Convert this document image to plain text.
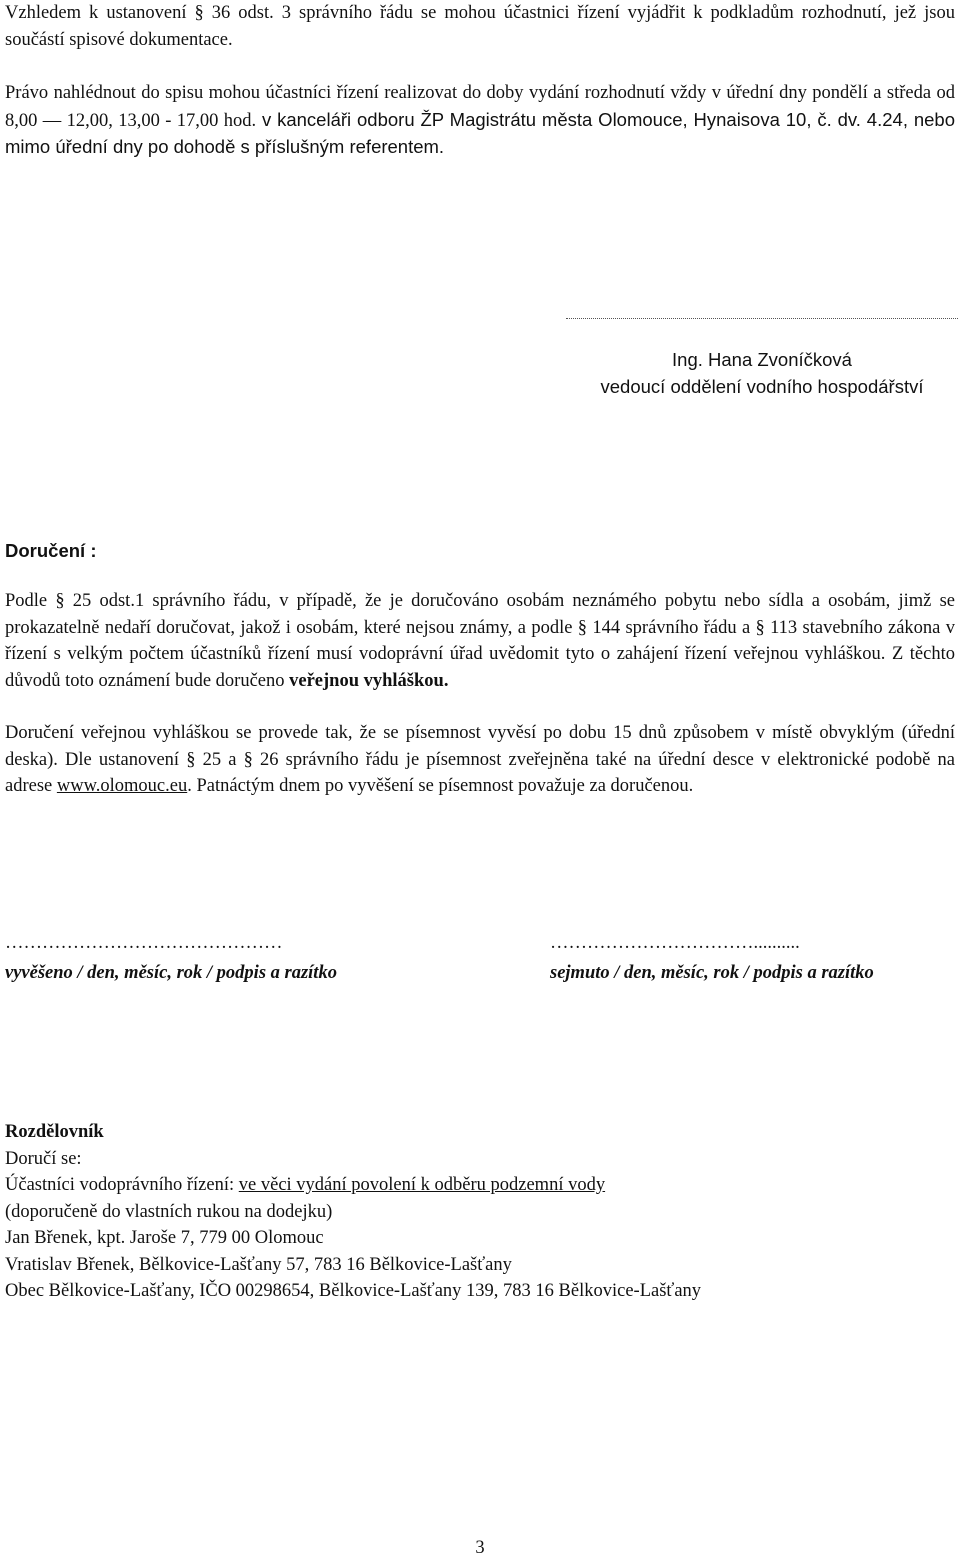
Vzhledem k ustanovení § 36 odst. 3 správního řádu se mohou účastnici řízení vyjádřit k podkladům rozhodnutí, jež jsou součástí spisové dokumentace.

Právo nahlédnout do spisu mohou účastníci řízení realizovat do doby vydání rozhodnutí vždy v úřední dny pondělí a středa od 8,00 — 12,00, 13,00 - 17,00 hod. v kanceláři odboru ŽP Magistrátu města Olomouce, Hynaisova 10, č. dv. 4.24, nebo mimo úřední dny po dohodě s příslušným referentem.

Ing. Hana Zvoníčková
vedoucí oddělení vodního hospodářství

Doručení :

Podle § 25 odst.1 správního řádu, v případě, že je doručováno osobám neznámého pobytu nebo sídla a osobám, jimž se prokazatelně nedaří doručovat, jakož i osobám, které nejsou známy, a podle § 144 správního řádu a § 113 stavebního zákona v řízení s velkým počtem účastníků řízení musí vodoprávní úřad uvědomit tyto o zahájení řízení veřejnou vyhláškou. Z těchto důvodů toto oznámení bude doručeno veřejnou vyhláškou.

Doručení veřejnou vyhláškou se provede tak, že se písemnost vyvěsí po dobu 15 dnů způsobem v místě obvyklým (úřední deska). Dle ustanovení § 25 a § 26 správního řádu je písemnost zveřejněna také na úřední desce v elektronické podobě na adrese www.olomouc.eu. Patnáctým dnem po vyvěšení se písemnost považuje za doručenou.

………………………………………	……………………………..........
vyvěšeno / den, měsíc, rok / podpis a razítko	sejmuto / den, měsíc, rok / podpis a razítko
Rozdělovník
Doručí se:
Účastníci vodoprávního řízení: ve věci vydání povolení k odběru podzemní vody
(doporučeně do vlastních rukou na dodejku)
Jan Břenek, kpt. Jaroše 7, 779 00 Olomouc
Vratislav Břenek, Bělkovice-Lašťany 57, 783 16 Bělkovice-Lašťany
Obec Bělkovice-Lašťany, IČO 00298654, Bělkovice-Lašťany 139, 783 16 Bělkovice-Lašťany
3
